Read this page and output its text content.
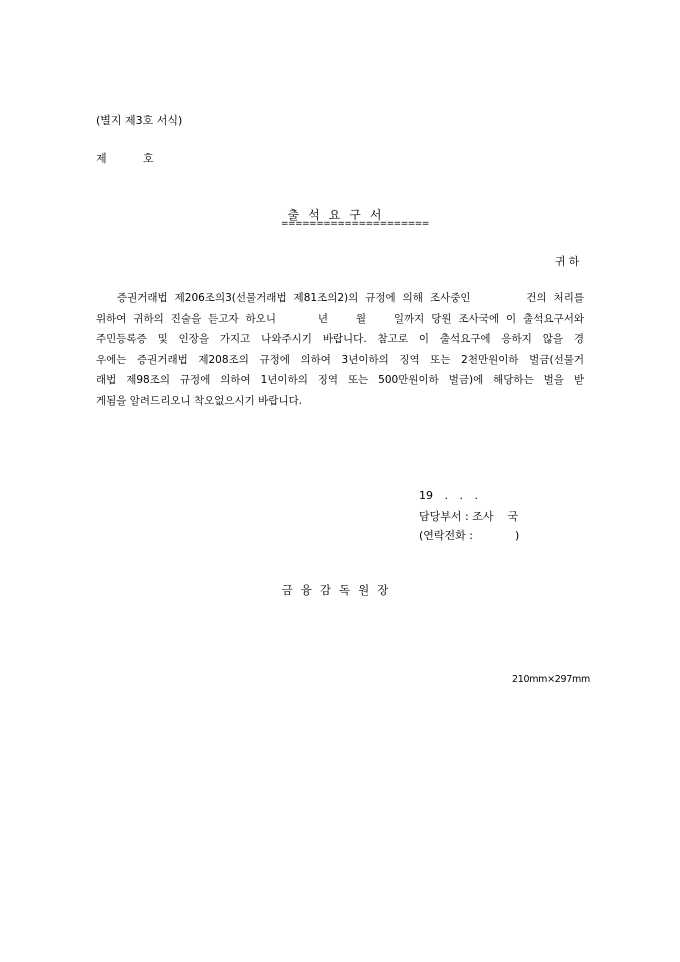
(별지 제3호 서식)
제	호
출석요구서
=====================
귀하
증권거래법 제206조의3(선물거래법 제81조의2)의 규정에 의해 조사중인        건의 처리를
위하여 귀하의 진술을 듣고자 하오니      년    월    일까지 당원 조사국에 이 출석요구서와
주민등록증 및 인장을 가지고 나와주시기 바랍니다. 참고로 이 출석요구에 응하지 않을 경
우에는 증권거래법 제208조의 규정에 의하여 3년이하의 징역 또는 2천만원이하 벌금(선물거
래법 제98조의 규정에 의하여 1년이하의 징역 또는 500만원이하 벌금)에 해당하는 벌을 받
게됨을 알려드리오니 착오없으시기 바랍니다.
19 . . .
담당부서 : 조사    국
(연락전화 :            )
금융감독원장
210mm×297mm
